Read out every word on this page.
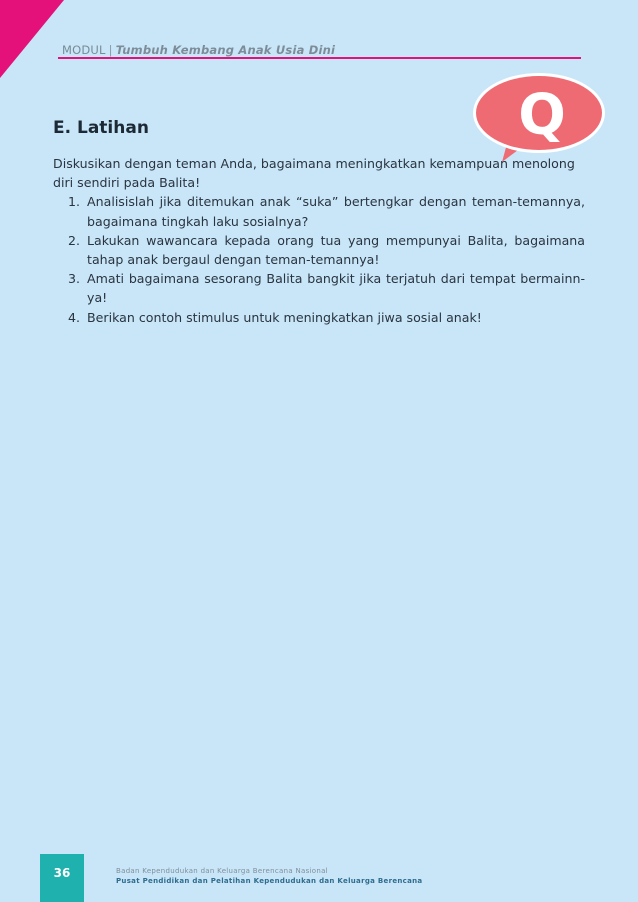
MODUL | Tumbuh Kembang Anak Usia Dini
Q
E. Latihan

Diskusikan dengan teman Anda, bagaimana meningkatkan kemampuan menolong diri sendiri pada Balita!

1. Analisislah jika ditemukan anak “suka” bertengkar dengan teman-temannya, bagaimana tingkah laku sosialnya?
2. Lakukan wawancara kepada orang tua yang mempunyai Balita, bagaimana tahap anak bergaul dengan teman-temannya!
3. Amati bagaimana sesorang Balita bangkit jika terjatuh dari tempat bermainn-ya!
4. Berikan contoh stimulus untuk meningkatkan jiwa sosial anak!
36	Badan Kependudukan dan Keluarga Berencana Nasional
Pusat Pendidikan dan Pelatihan Kependudukan dan Keluarga Berencana
